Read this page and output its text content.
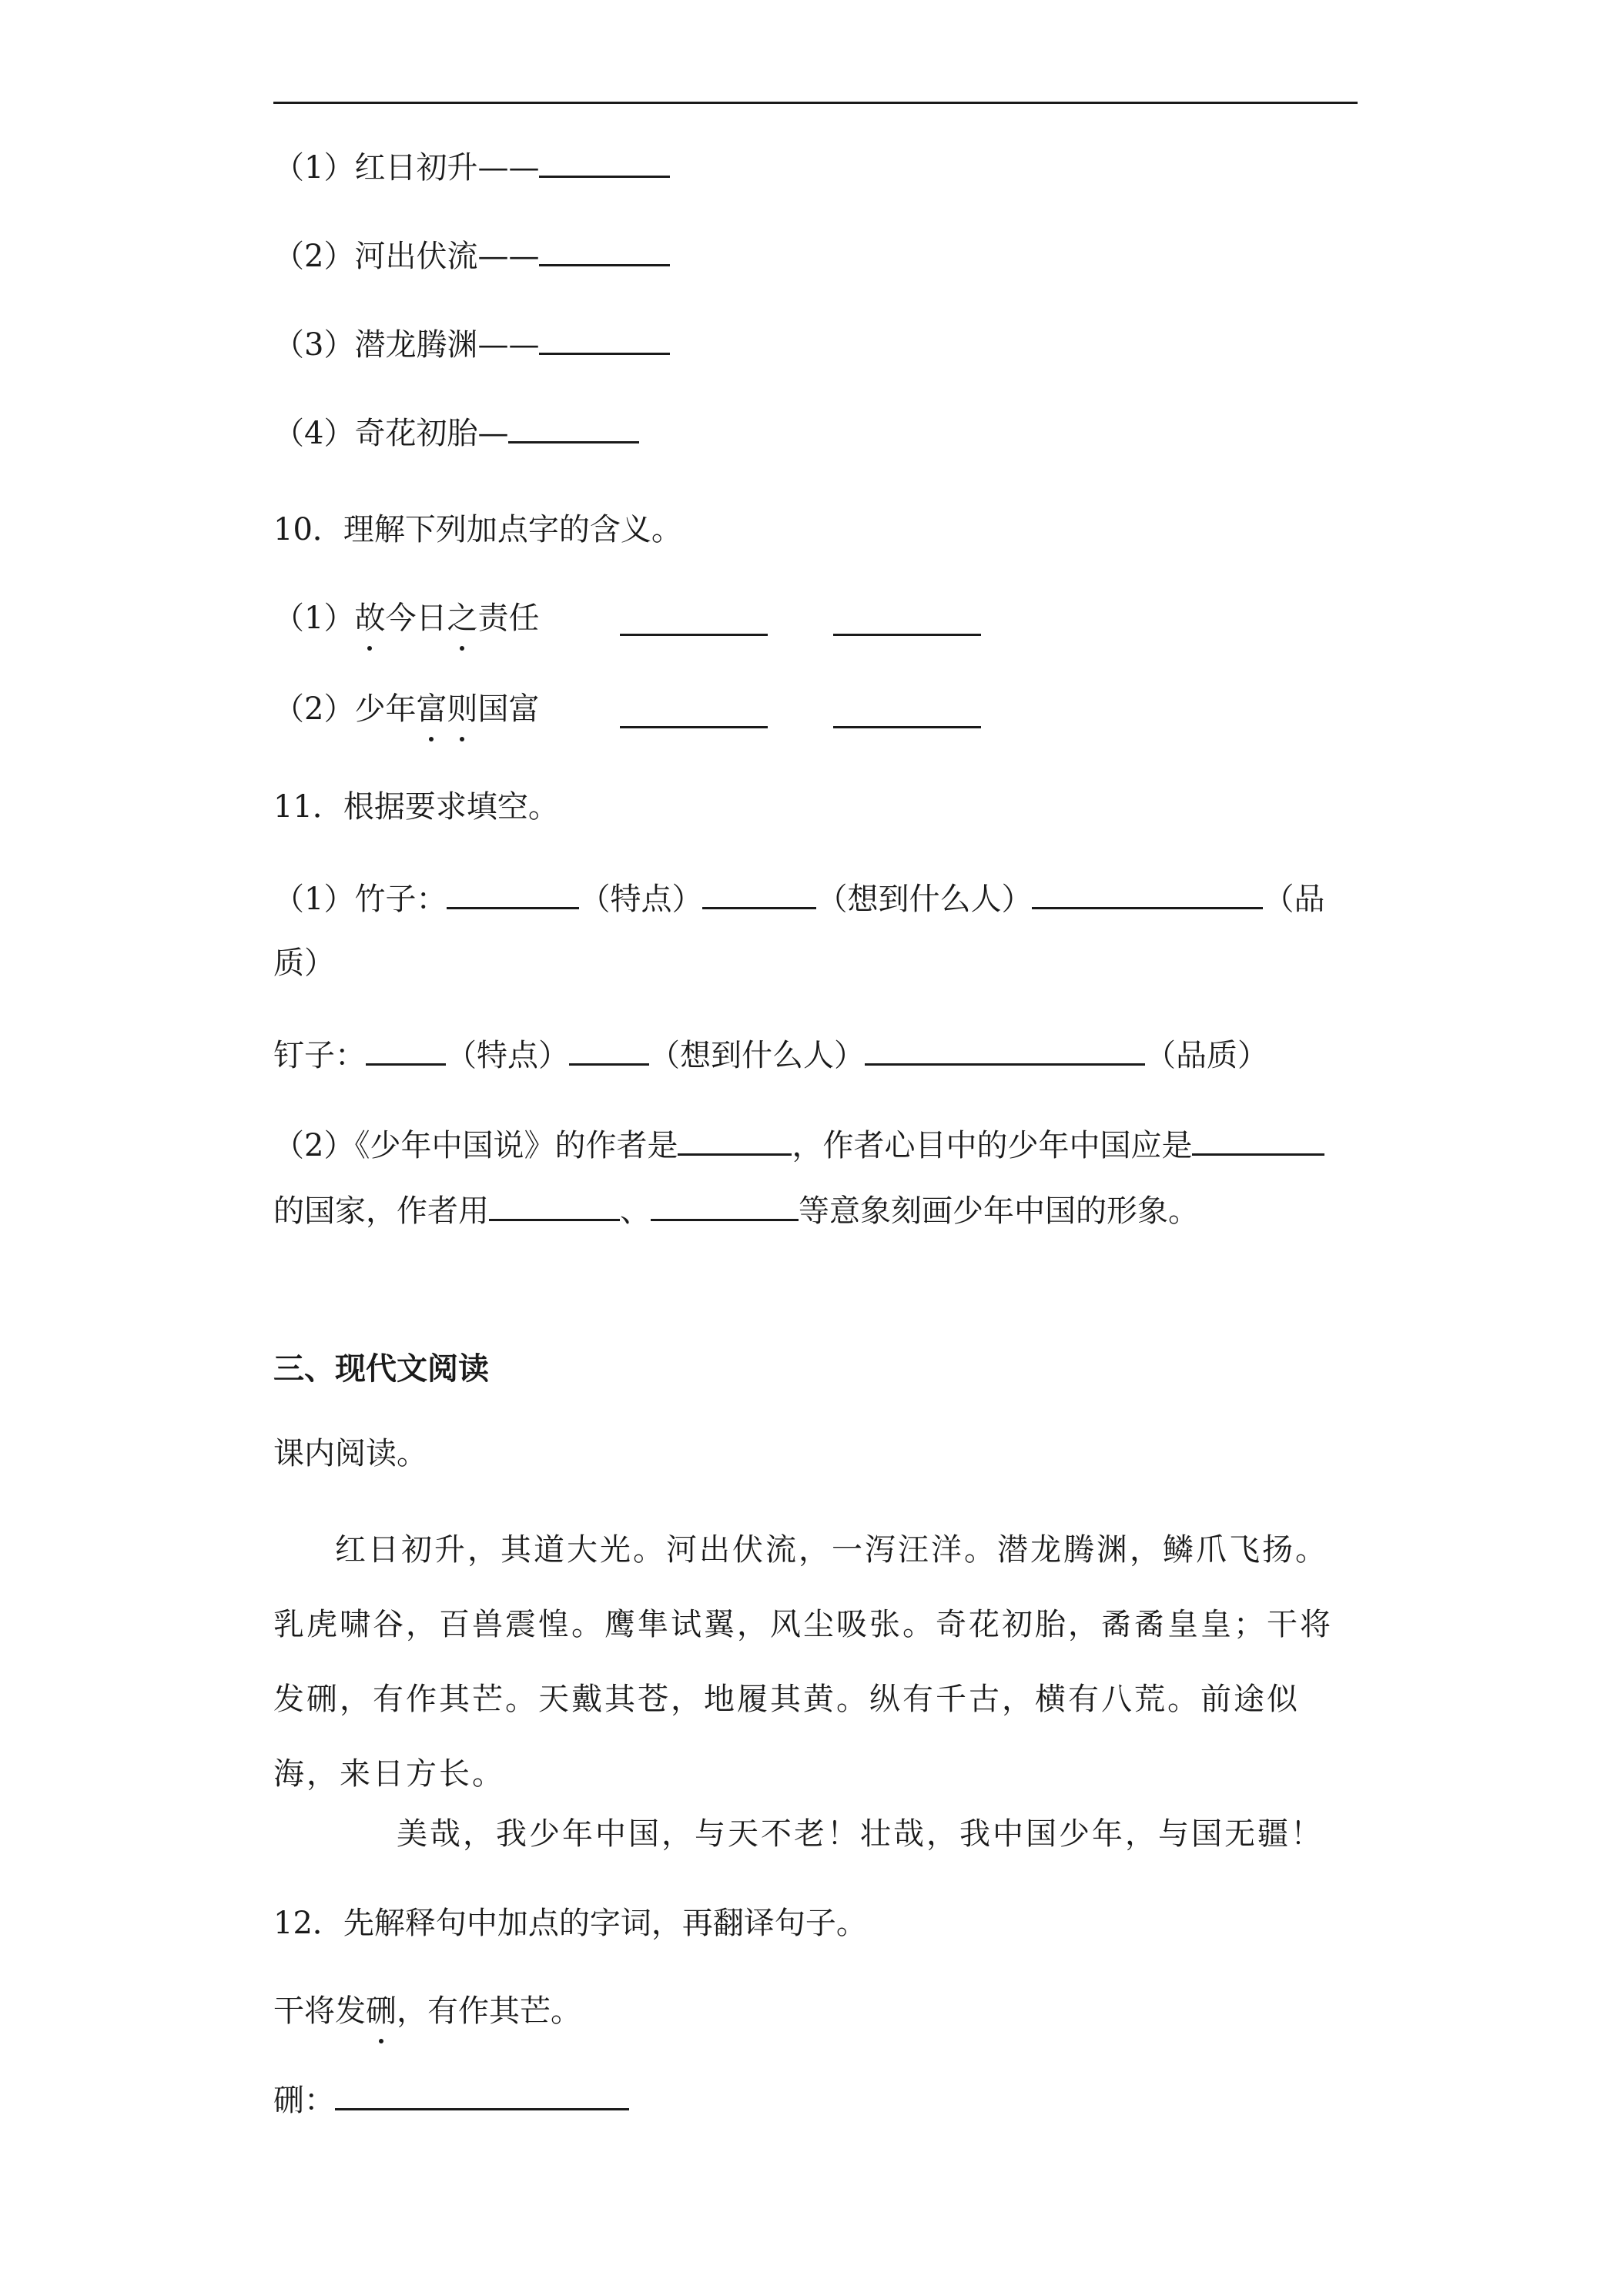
（1）红日初升——
（2）河出伏流——
（3）潜龙腾渊——
（4）奇花初胎—
10．理解下列加点字的含义。
（1）故今日之责任
（2）少年富则国富
11．根据要求填空。
（1）竹子：	（特点）	（想到什么人）	（品
质）
钉子：	（特点）	（想到什么人）	（品质）
（2）《少年中国说》的作者是	，作者心目中的少年中国应是
的国家，作者用	、	等意象刻画少年中国的形象。
三、现代文阅读
课内阅读。
红日初升，其道大光。河出伏流，一泻汪洋。潜龙腾渊，鳞爪飞扬。乳虎啸谷，百兽震惶。鹰隼试翼，风尘吸张。奇花初胎，矞矞皇皇；干将发硎，有作其芒。天戴其苍，地履其黄。纵有千古，横有八荒。前途似海，来日方长。
美哉，我少年中国，与天不老！壮哉，我中国少年，与国无疆！
12．先解释句中加点的字词，再翻译句子。
干将发硎，有作其芒。
硎：
